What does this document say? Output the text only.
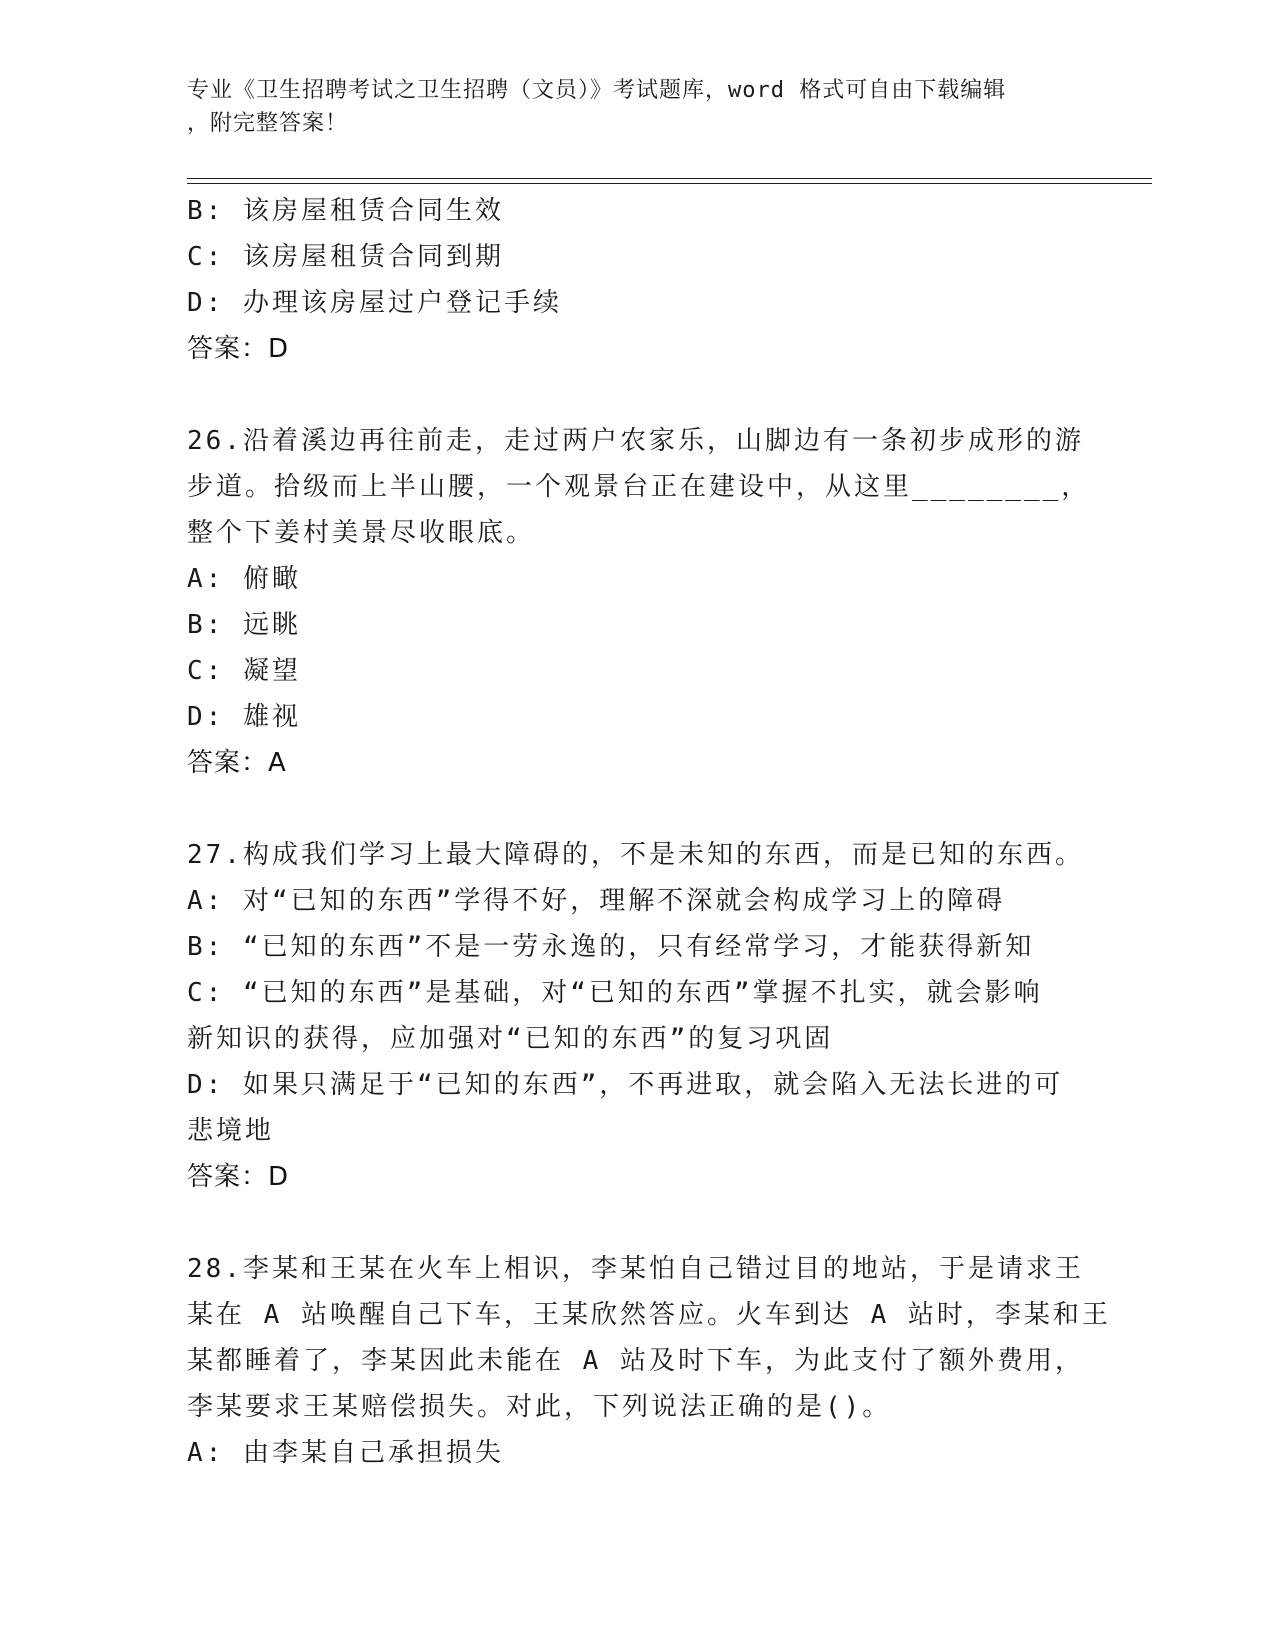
专业《卫生招聘考试之卫生招聘（文员）》考试题库，word 格式可自由下载编辑
，附完整答案！
B: 该房屋租赁合同生效
C: 该房屋租赁合同到期
D: 办理该房屋过户登记手续
答案：D
26.沿着溪边再往前走，走过两户农家乐，山脚边有一条初步成形的游
步道。拾级而上半山腰，一个观景台正在建设中，从这里________，
整个下姜村美景尽收眼底。
A: 俯瞰
B: 远眺
C: 凝望
D: 雄视
答案：A
27.构成我们学习上最大障碍的，不是未知的东西，而是已知的东西。
A: 对“已知的东西”学得不好，理解不深就会构成学习上的障碍
B: “已知的东西”不是一劳永逸的，只有经常学习，才能获得新知
C: “已知的东西”是基础，对“已知的东西”掌握不扎实，就会影响
新知识的获得，应加强对“已知的东西”的复习巩固
D: 如果只满足于“已知的东西”，不再进取，就会陷入无法长进的可
悲境地
答案：D
28.李某和王某在火车上相识，李某怕自己错过目的地站，于是请求王
某在 A 站唤醒自己下车，王某欣然答应。火车到达 A 站时，李某和王
某都睡着了，李某因此未能在 A 站及时下车，为此支付了额外费用，
李某要求王某赔偿损失。对此，下列说法正确的是()。
A: 由李某自己承担损失
